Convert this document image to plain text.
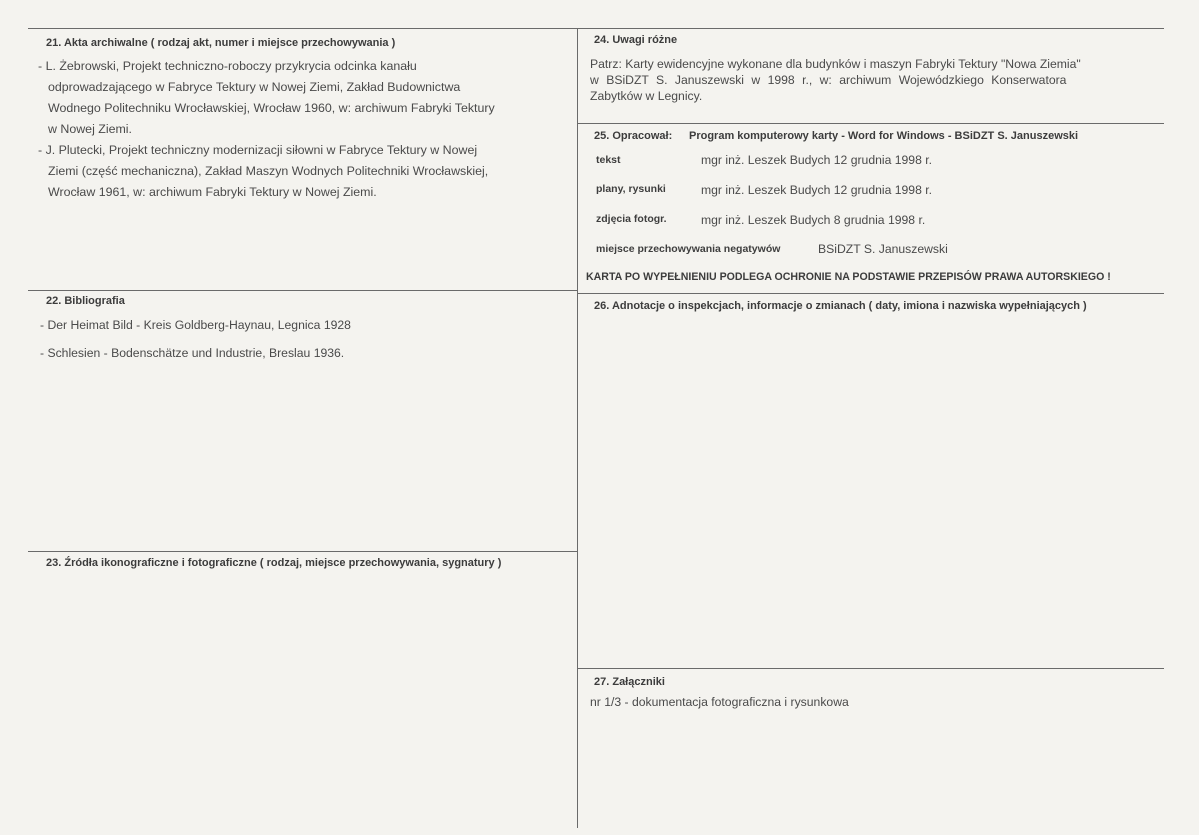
21. Akta archiwalne ( rodzaj akt, numer i miejsce przechowywania )
- L. Żebrowski, Projekt techniczno-roboczy przykrycia odcinka kanału
odprowadzającego w Fabryce Tektury w Nowej Ziemi, Zakład Budownictwa
Wodnego Politechniku Wrocławskiej, Wrocław 1960, w: archiwum Fabryki Tektury
w Nowej Ziemi.
- J. Plutecki, Projekt techniczny modernizacji siłowni w Fabryce Tektury w Nowej
Ziemi (część mechaniczna), Zakład Maszyn Wodnych Politechniki Wrocławskiej,
Wrocław 1961, w: archiwum Fabryki Tektury w Nowej Ziemi.
22. Bibliografia
- Der Heimat Bild - Kreis Goldberg-Haynau, Legnica 1928
- Schlesien - Bodenschätze und Industrie, Breslau 1936.
23. Źródła ikonograficzne i fotograficzne ( rodzaj, miejsce przechowywania, sygnatury )
24. Uwagi różne
Patrz: Karty ewidencyjne wykonane dla budynków i maszyn Fabryki Tektury "Nowa Ziemia"
w BSiDZT S. Januszewski w 1998 r., w: archiwum Wojewódzkiego Konserwatora
Zabytków w Legnicy.
25. Opracował: Program komputerowy karty - Word for Windows - BSiDZT S. Januszewski
tekst	mgr inż. Leszek Budych 12 grudnia 1998 r.
plany, rysunki	mgr inż. Leszek Budych 12 grudnia 1998 r.
zdjęcia fotogr.	mgr inż. Leszek Budych 8 grudnia 1998 r.
miejsce przechowywania negatywów	BSiDZT S. Januszewski
KARTA PO WYPEŁNIENIU PODLEGA OCHRONIE NA PODSTAWIE PRZEPISÓW PRAWA AUTORSKIEGO !
26. Adnotacje o inspekcjach, informacje o zmianach ( daty, imiona i nazwiska wypełniających )
27. Załączniki
nr 1/3 - dokumentacja fotograficzna i rysunkowa
